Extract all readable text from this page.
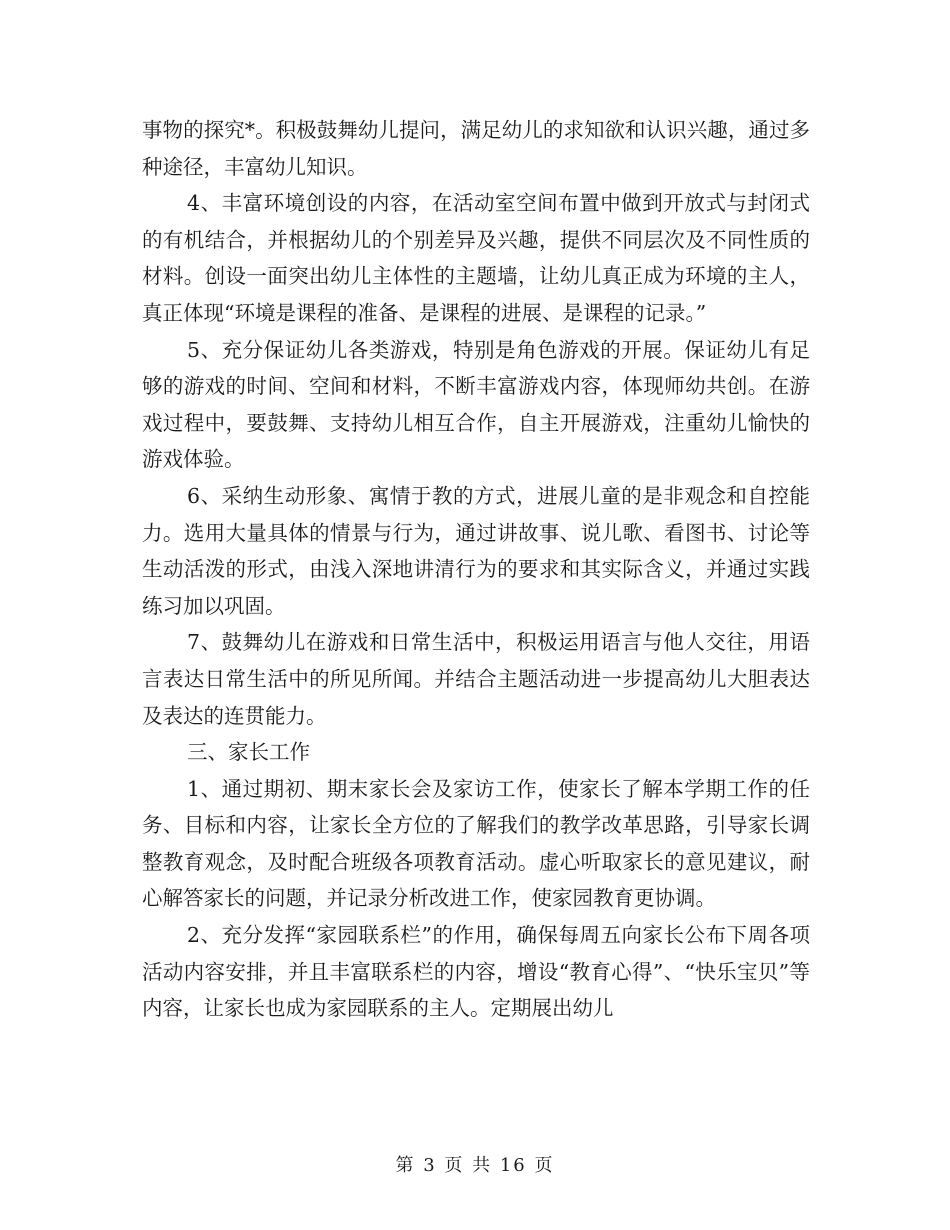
事物的探究*。积极鼓舞幼儿提问，满足幼儿的求知欲和认识兴趣，通过多种途径，丰富幼儿知识。

4、丰富环境创设的内容，在活动室空间布置中做到开放式与封闭式的有机结合，并根据幼儿的个别差异及兴趣，提供不同层次及不同性质的材料。创设一面突出幼儿主体性的主题墙，让幼儿真正成为环境的主人，真正体现“环境是课程的准备、是课程的进展、是课程的记录。”

5、充分保证幼儿各类游戏，特别是角色游戏的开展。保证幼儿有足够的游戏的时间、空间和材料，不断丰富游戏内容，体现师幼共创。在游戏过程中，要鼓舞、支持幼儿相互合作，自主开展游戏，注重幼儿愉快的游戏体验。

6、采纳生动形象、寓情于教的方式，进展儿童的是非观念和自控能力。选用大量具体的情景与行为，通过讲故事、说儿歌、看图书、讨论等生动活泼的形式，由浅入深地讲清行为的要求和其实际含义，并通过实践练习加以巩固。

7、鼓舞幼儿在游戏和日常生活中，积极运用语言与他人交往，用语言表达日常生活中的所见所闻。并结合主题活动进一步提高幼儿大胆表达及表达的连贯能力。

三、家长工作

1、通过期初、期末家长会及家访工作，使家长了解本学期工作的任务、目标和内容，让家长全方位的了解我们的教学改革思路，引导家长调整教育观念，及时配合班级各项教育活动。虚心听取家长的意见建议，耐心解答家长的问题，并记录分析改进工作，使家园教育更协调。

2、充分发挥“家园联系栏”的作用，确保每周五向家长公布下周各项活动内容安排，并且丰富联系栏的内容，增设“教育心得”、“快乐宝贝”等内容，让家长也成为家园联系的主人。定期展出幼儿

第 3 页 共 16 页
